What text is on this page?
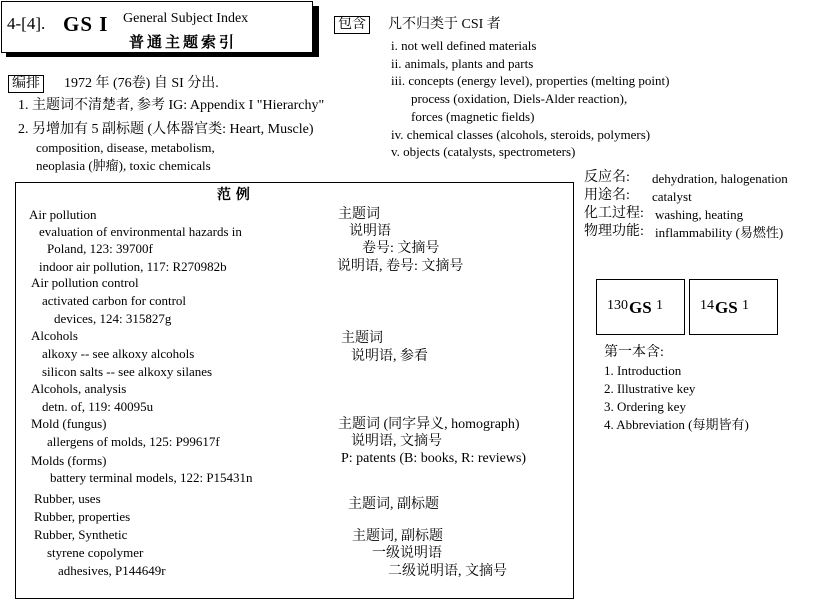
4-[4]. GS I General Subject Index
普通主题索引
包含 凡不归类于 CSI 者
i. not well defined materials
ii. animals, plants and parts
iii. concepts (energy level), properties (melting point)
process (oxidation, Diels-Alder reaction),
forces (magnetic fields)
iv. chemical classes (alcohols, steroids, polymers)
v. objects (catalysts, spectrometers)
编排 1972 年 (76卷) 自 SI 分出.
1. 主题词不清楚者, 参考 IG: Appendix I "Hierarchy"
2. 另增加有 5 副标题 (人体器官类: Heart, Muscle)
composition, disease, metabolism,
neoplasia (肿瘤), toxic chemicals
反应名: dehydration, halogenation
用途名: catalyst
化工过程: washing, heating
物理功能: inflammability (易燃性)
范 例
Air pollution
evaluation of environmental hazards in
Poland, 123: 39700f
indoor air pollution, 117: R270982b
Air pollution control
activated carbon for control
devices, 124: 315827g
Alcohols
alkoxy -- see alkoxy alcohols
silicon salts -- see alkoxy silanes
Alcohols, analysis
detn. of, 119: 40095u
Mold (fungus)
allergens of molds, 125: P99617f
Molds (forms)
battery terminal models, 122: P15431n
Rubber, uses
Rubber, properties
Rubber, Synthetic
styrene copolymer
adhesives, P144649r
主题词
说明语
卷号: 文摘号
说明语, 卷号: 文摘号
主题词
说明语, 参看
主题词 (同字异义, homograph)
说明语, 文摘号
P: patents (B: books, R: reviews)
主题词, 副标题
主题词, 副标题
一级说明语
二级说明语, 文摘号
130 GS 1	14 GS 1
第一本含:
1. Introduction
2. Illustrative key
3. Ordering key
4. Abbreviation (每期皆有)
